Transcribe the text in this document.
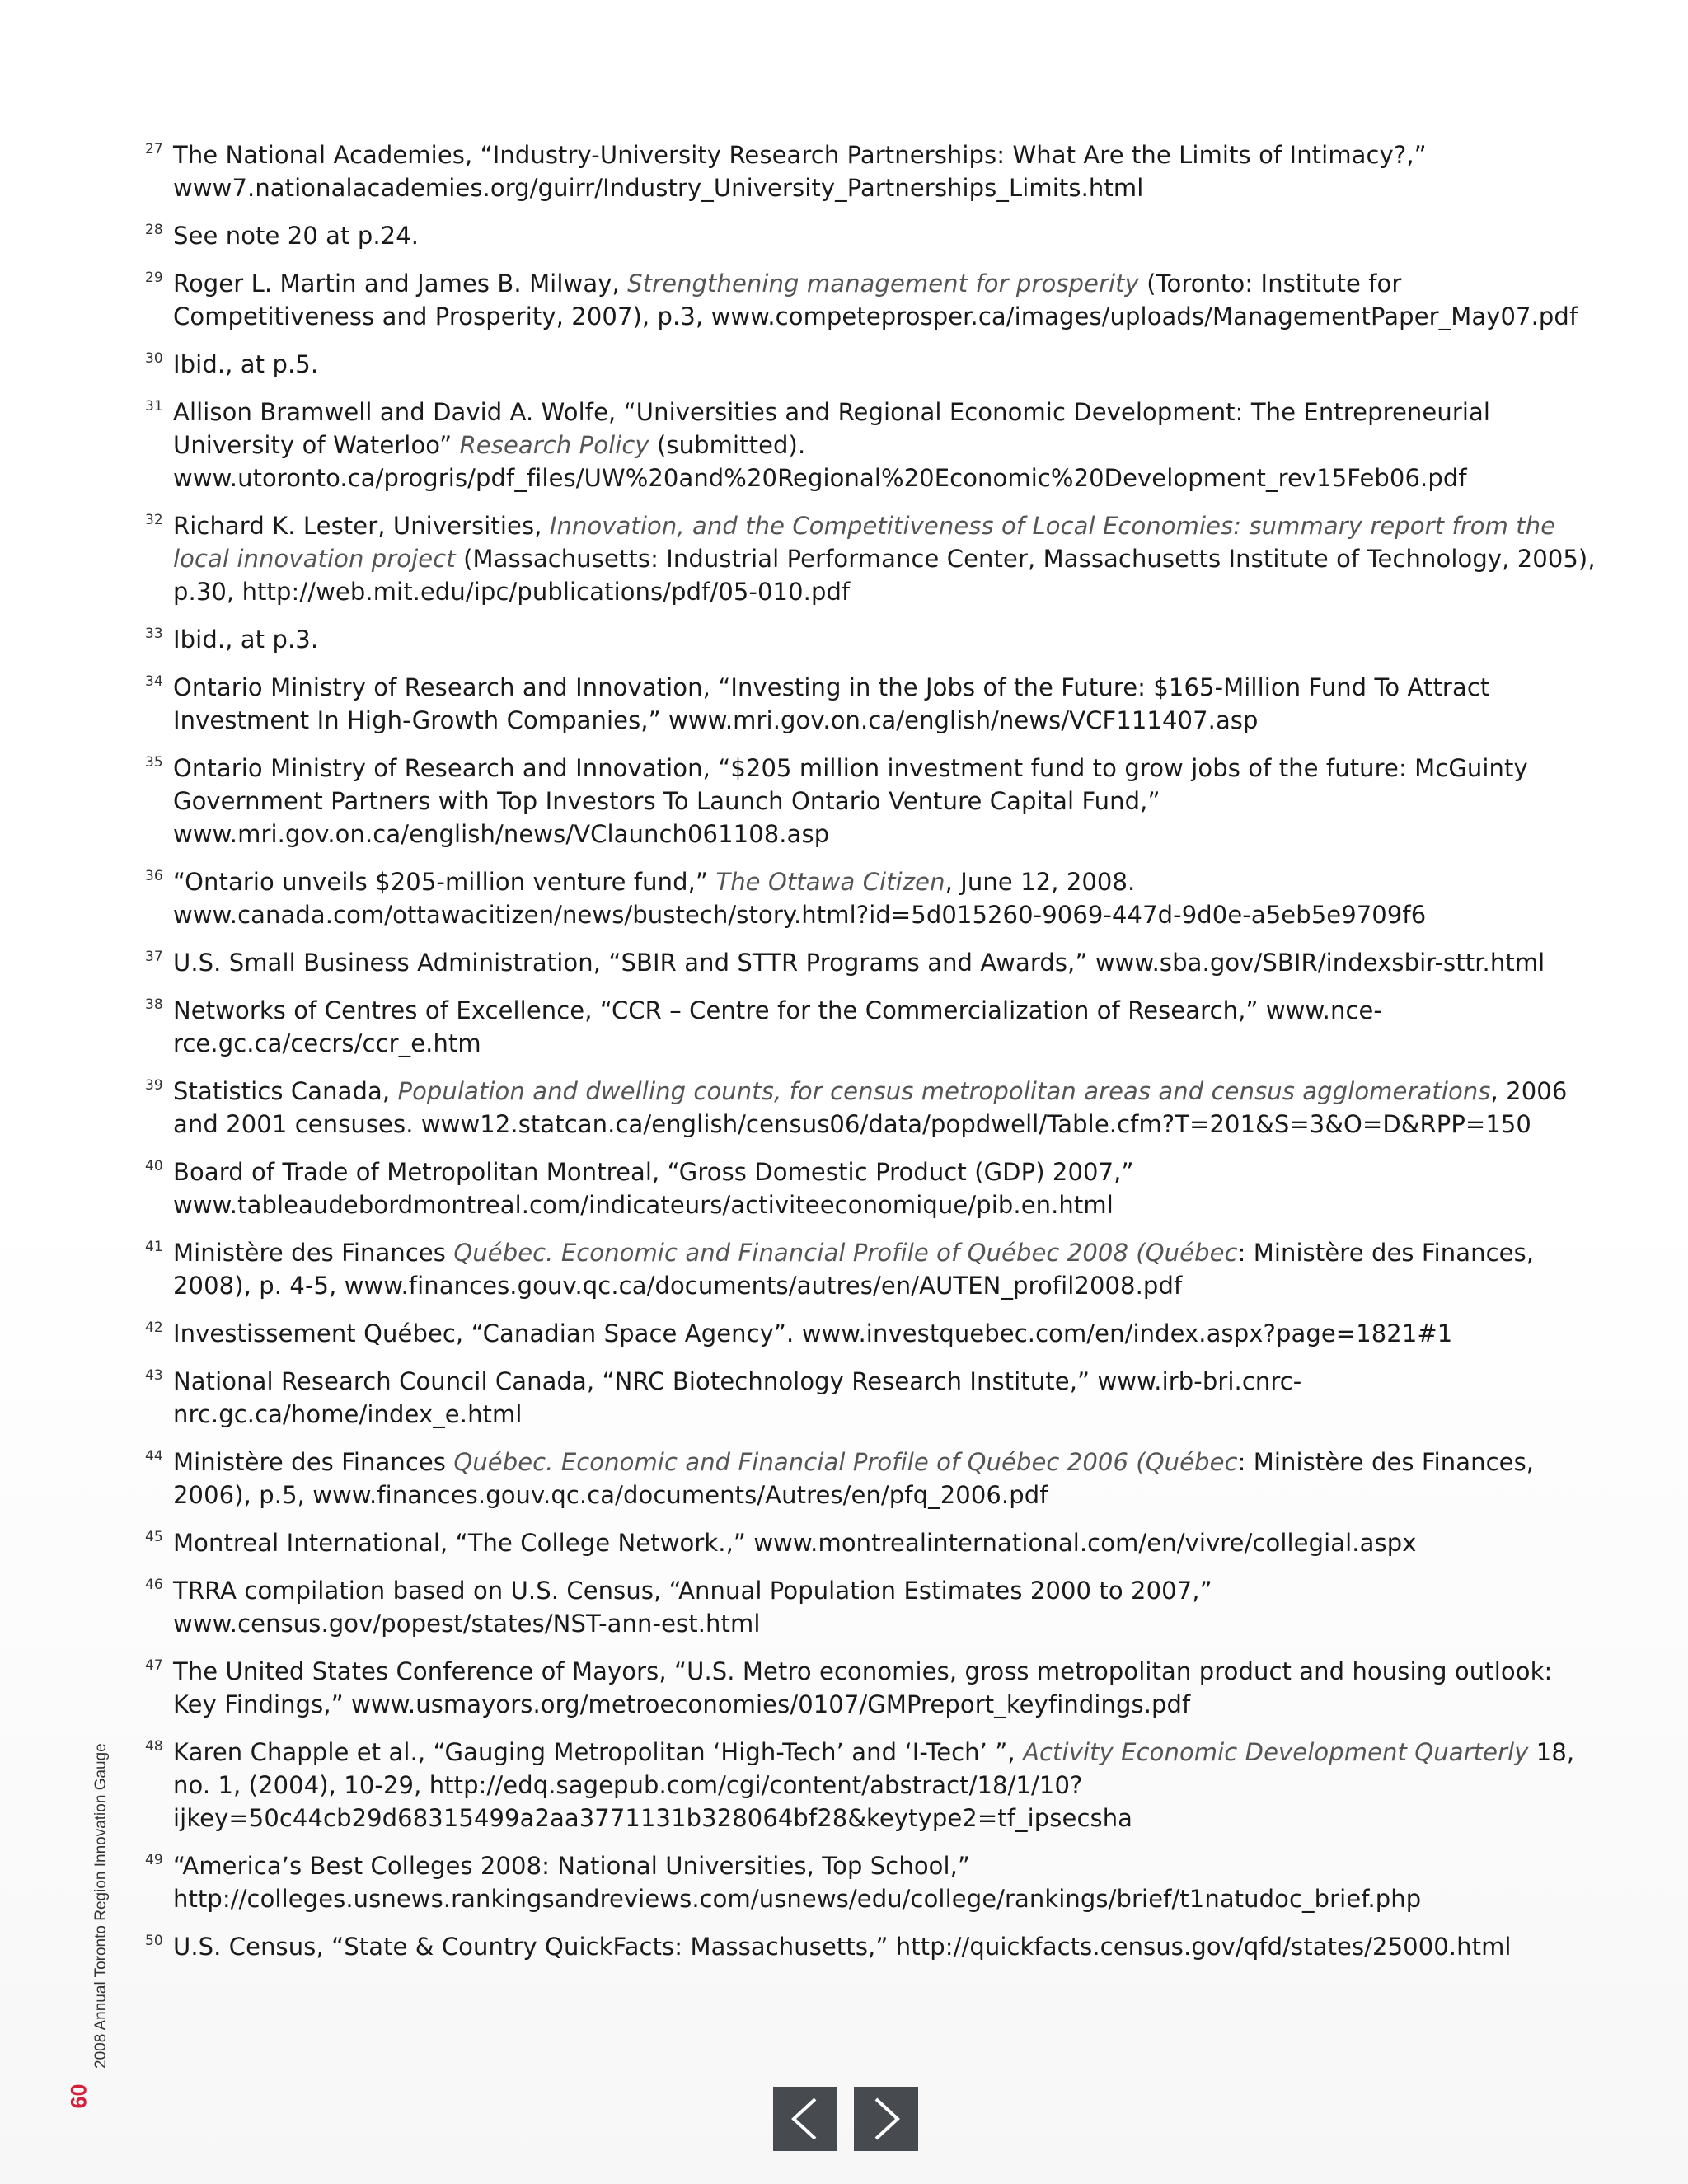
27 The National Academies, “Industry-University Research Partnerships: What Are the Limits of Intimacy?,” www7.nationalacademies.org/guirr/Industry_University_Partnerships_Limits.html
28 See note 20 at p.24.
29 Roger L. Martin and James B. Milway, Strengthening management for prosperity (Toronto: Institute for Competitiveness and Prosperity, 2007), p.3, www.competeprosper.ca/images/uploads/ManagementPaper_May07.pdf
30 Ibid., at p.5.
31 Allison Bramwell and David A. Wolfe, “Universities and Regional Economic Development: The Entrepreneurial University of Waterloo” Research Policy (submitted). www.utoronto.ca/progris/pdf_files/UW%20and%20Regional%20Economic%20Development_rev15Feb06.pdf
32 Richard K. Lester, Universities, Innovation, and the Competitiveness of Local Economies: summary report from the local innovation project (Massachusetts: Industrial Performance Center, Massachusetts Institute of Technology, 2005), p.30, http://web.mit.edu/ipc/publications/pdf/05-010.pdf
33 Ibid., at p.3.
34 Ontario Ministry of Research and Innovation, “Investing in the Jobs of the Future: $165-Million Fund To Attract Investment In High-Growth Companies,” www.mri.gov.on.ca/english/news/VCF111407.asp
35 Ontario Ministry of Research and Innovation, “$205 million investment fund to grow jobs of the future: McGuinty Government Partners with Top Investors To Launch Ontario Venture Capital Fund,” www.mri.gov.on.ca/english/news/VClaunch061108.asp
36 “Ontario unveils $205-million venture fund,” The Ottawa Citizen, June 12, 2008. www.canada.com/ottawacitizen/news/bustech/story.html?id=5d015260-9069-447d-9d0e-a5eb5e9709f6
37 U.S. Small Business Administration, “SBIR and STTR Programs and Awards,” www.sba.gov/SBIR/indexsbir-sttr.html
38 Networks of Centres of Excellence, “CCR – Centre for the Commercialization of Research,” www.nce-rce.gc.ca/cecrs/ccr_e.htm
39 Statistics Canada, Population and dwelling counts, for census metropolitan areas and census agglomerations, 2006 and 2001 censuses. www12.statcan.ca/english/census06/data/popdwell/Table.cfm?T=201&S=3&O=D&RPP=150
40 Board of Trade of Metropolitan Montreal, “Gross Domestic Product (GDP) 2007,” www.tableaudebordmontreal.com/indicateurs/activiteeconomique/pib.en.html
41 Ministère des Finances Québec. Economic and Financial Profile of Québec 2008 (Québec: Ministère des Finances, 2008), p. 4-5, www.finances.gouv.qc.ca/documents/autres/en/AUTEN_profil2008.pdf
42 Investissement Québec, “Canadian Space Agency”. www.investquebec.com/en/index.aspx?page=1821#1
43 National Research Council Canada, “NRC Biotechnology Research Institute,” www.irb-bri.cnrc-nrc.gc.ca/home/index_e.html
44 Ministère des Finances Québec. Economic and Financial Profile of Québec 2006 (Québec: Ministère des Finances, 2006), p.5, www.finances.gouv.qc.ca/documents/Autres/en/pfq_2006.pdf
45 Montreal International, “The College Network.,” www.montrealinternational.com/en/vivre/collegial.aspx
46 TRRA compilation based on U.S. Census, “Annual Population Estimates 2000 to 2007,” www.census.gov/popest/states/NST-ann-est.html
47 The United States Conference of Mayors, “U.S. Metro economies, gross metropolitan product and housing outlook: Key Findings,” www.usmayors.org/metroeconomies/0107/GMPreport_keyfindings.pdf
48 Karen Chapple et al., “Gauging Metropolitan ‘High-Tech’ and ‘I-Tech’ ”, Activity Economic Development Quarterly 18, no. 1, (2004), 10-29, http://edq.sagepub.com/cgi/content/abstract/18/1/10?ijkey=50c44cb29d68315499a2aa3771131b328064bf28&keytype2=tf_ipsecsha
49 “America’s Best Colleges 2008: National Universities, Top School,” http://colleges.usnews.rankingsandreviews.com/usnews/edu/college/rankings/brief/t1natudoc_brief.php
50 U.S. Census, “State & Country QuickFacts: Massachusetts,” http://quickfacts.census.gov/qfd/states/25000.html
2008 Annual Toronto Region Innovation Gauge
60
